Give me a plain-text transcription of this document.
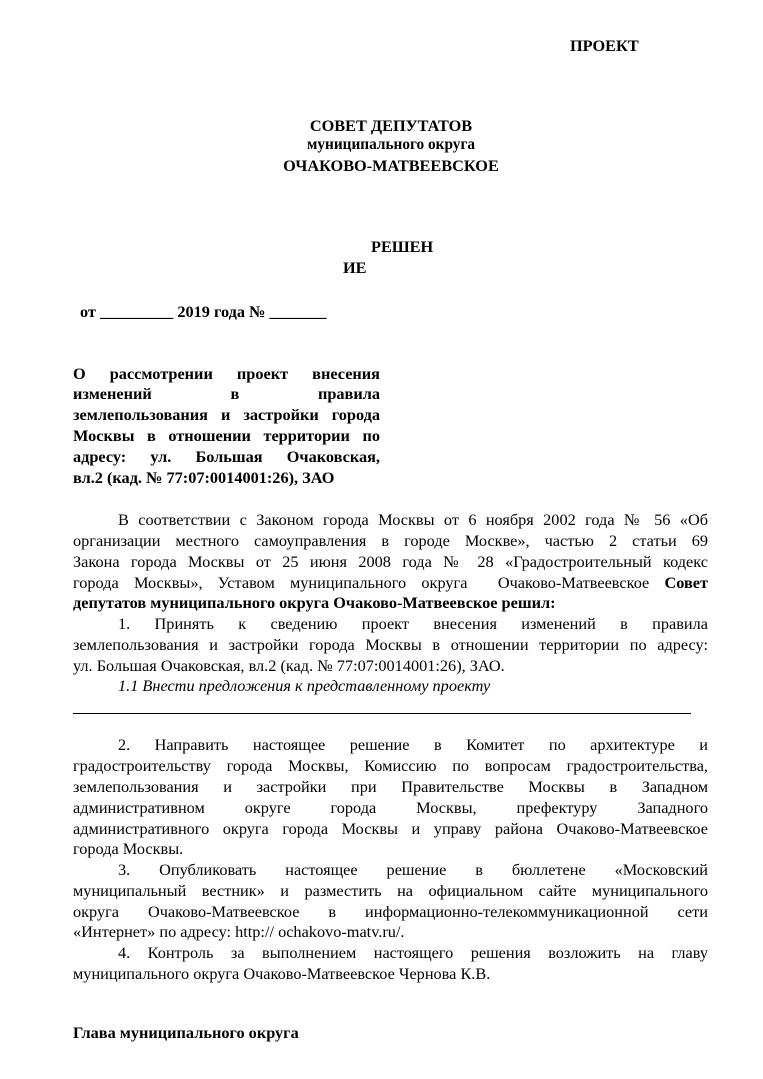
ПРОЕКТ
СОВЕТ ДЕПУТАТОВ
муниципального округа
ОЧАКОВО-МАТВЕЕВСКОЕ
РЕШЕН
ИЕ
от _________ 2019 года № _______
О рассмотрении проект внесения
изменений в правила
землепользования и застройки города
Москвы в отношении территории по
адресу: ул. Большая Очаковская,
вл.2 (кад. № 77:07:0014001:26), ЗАО
В соответствии с Законом города Москвы от 6 ноября 2002 года № 56 «Об
организации местного самоуправления в городе Москве», частью 2 статьи 69
Закона города Москвы от 25 июня 2008 года № 28 «Градостроительный кодекс
города Москвы», Уставом муниципального округа  Очаково-Матвеевское Совет
депутатов муниципального округа Очаково-Матвеевское решил:
1. Принять к сведению проект внесения изменений в правила
землепользования и застройки города Москвы в отношении территории по адресу:
ул. Большая Очаковская, вл.2 (кад. № 77:07:0014001:26), ЗАО.
1.1 Внести предложения к представленному проекту
2. Направить настоящее решение в Комитет по архитектуре и
градостроительству города Москвы, Комиссию по вопросам градостроительства,
землепользования и застройки при Правительстве Москвы в Западном
административном округе города Москвы, префектуру Западного
административного округа города Москвы и управу района Очаково-Матвеевское
города Москвы.
3. Опубликовать настоящее решение в бюллетене «Московский
муниципальный вестник» и разместить на официальном сайте муниципального
округа Очаково-Матвеевское в информационно-телекоммуникационной сети
«Интернет» по адресу: http:// ochakovo-matv.ru/.
4. Контроль за выполнением настоящего решения возложить на главу
муниципального округа Очаково-Матвеевское Чернова К.В.
Глава муниципального округа
